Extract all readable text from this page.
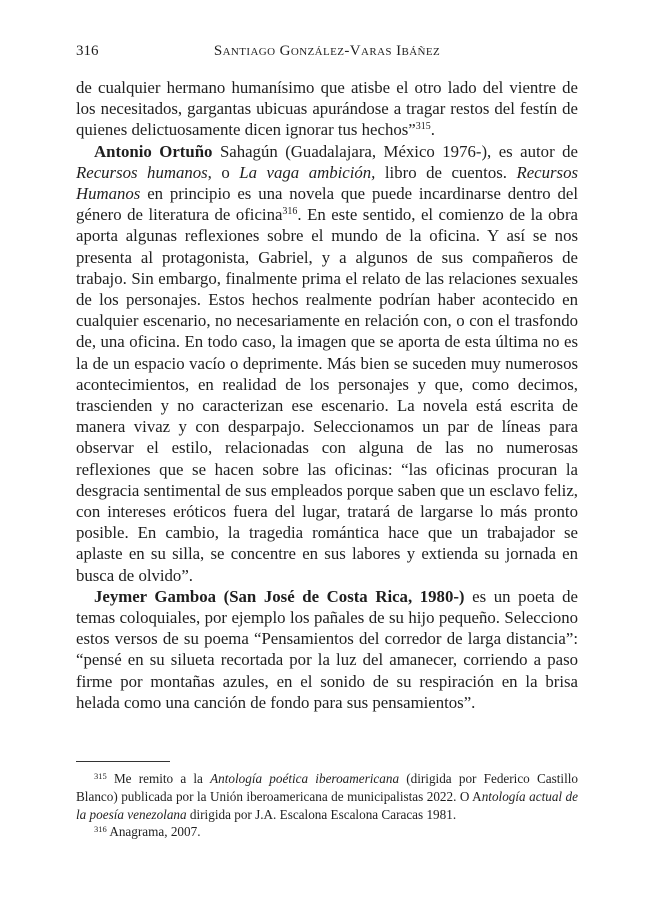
316	Santiago González-Varas Ibáñez

de cualquier hermano humanísimo que atisbe el otro lado del vientre de los necesitados, gargantas ubicuas apurándose a tragar restos del festín de quienes delictuosamente dicen ignorar tus hechos”$^{315}$.

Antonio Ortuño Sahagún (Guadalajara, México 1976-), es autor de Recursos humanos, o La vaga ambición, libro de cuentos. Recursos Humanos en principio es una novela que puede incardinarse dentro del género de literatura de oficina$^{316}$. En este sentido, el comienzo de la obra aporta algunas reflexiones sobre el mundo de la oficina. Y así se nos presenta al protagonista, Gabriel, y a algunos de sus compañeros de trabajo. Sin embargo, finalmente prima el relato de las relaciones sexuales de los personajes. Estos hechos realmente podrían haber acontecido en cualquier escenario, no necesariamente en relación con, o con el trasfondo de, una oficina. En todo caso, la imagen que se aporta de esta última no es la de un espacio vacío o deprimente. Más bien se suceden muy numerosos acontecimientos, en realidad de los personajes y que, como decimos, trascienden y no caracterizan ese escenario. La novela está escrita de manera vivaz y con desparpajo. Seleccionamos un par de líneas para observar el estilo, relacionadas con alguna de las no numerosas reflexiones que se hacen sobre las oficinas: “las oficinas procuran la desgracia sentimental de sus empleados porque saben que un esclavo feliz, con intereses eróticos fuera del lugar, tratará de largarse lo más pronto posible. En cambio, la tragedia romántica hace que un trabajador se aplaste en su silla, se concentre en sus labores y extienda su jornada en busca de olvido”.

Jeymer Gamboa (San José de Costa Rica, 1980-) es un poeta de temas coloquiales, por ejemplo los pañales de su hijo pequeño. Selecciono estos versos de su poema “Pensamientos del corredor de larga distancia”: “pensé en su silueta recortada por la luz del amanecer, corriendo a paso firme por montañas azules, en el sonido de su respiración en la brisa helada como una canción de fondo para sus pensamientos”.

$^{315}$ Me remito a la Antología poética iberoamericana (dirigida por Federico Castillo Blanco) publicada por la Unión iberoamericana de municipalistas 2022. O Antología actual de la poesía venezolana dirigida por J.A. Escalona Escalona Caracas 1981.

$^{316}$ Anagrama, 2007.
